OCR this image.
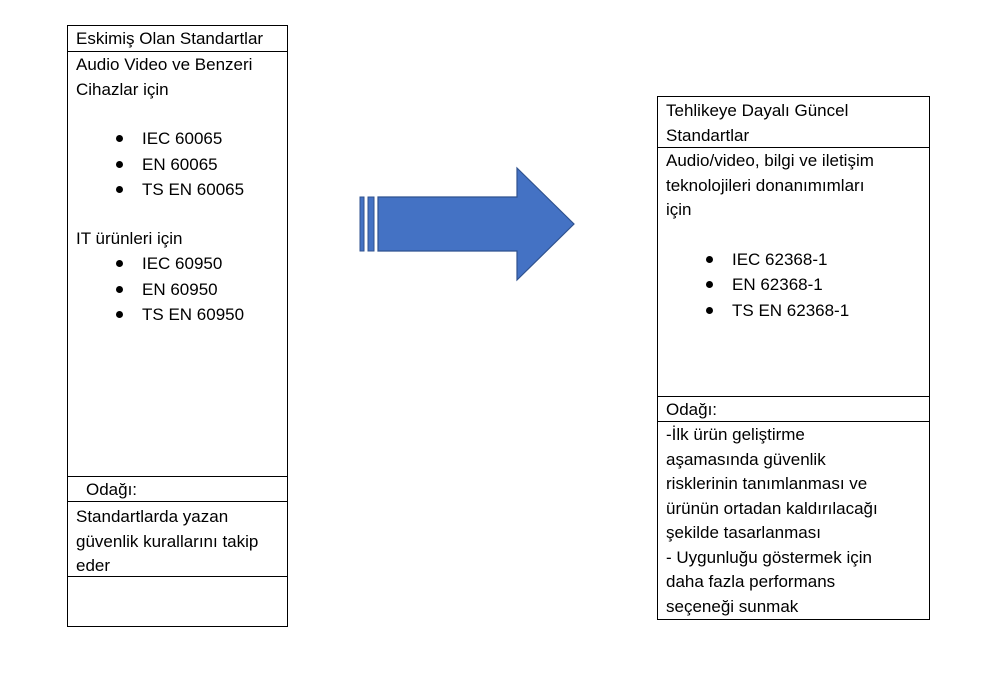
Eskimiş Olan Standartlar
Audio Video ve Benzeri
Cihazlar için
IEC 60065
EN 60065
TS EN 60065
IT ürünleri için
IEC 60950
EN 60950
TS EN 60950
Odağı:
Standartlarda yazan
güvenlik kurallarını takip
eder
Tehlikeye Dayalı Güncel
Standartlar
Audio/video, bilgi ve iletişim
teknolojileri donanımımları
için
IEC 62368-1
EN 62368-1
TS EN 62368-1
Odağı:
-İlk ürün geliştirme
aşamasında güvenlik
risklerinin tanımlanması ve
ürünün ortadan kaldırılacağı
şekilde tasarlanması
- Uygunluğu göstermek için
daha fazla performans
seçeneği sunmak
